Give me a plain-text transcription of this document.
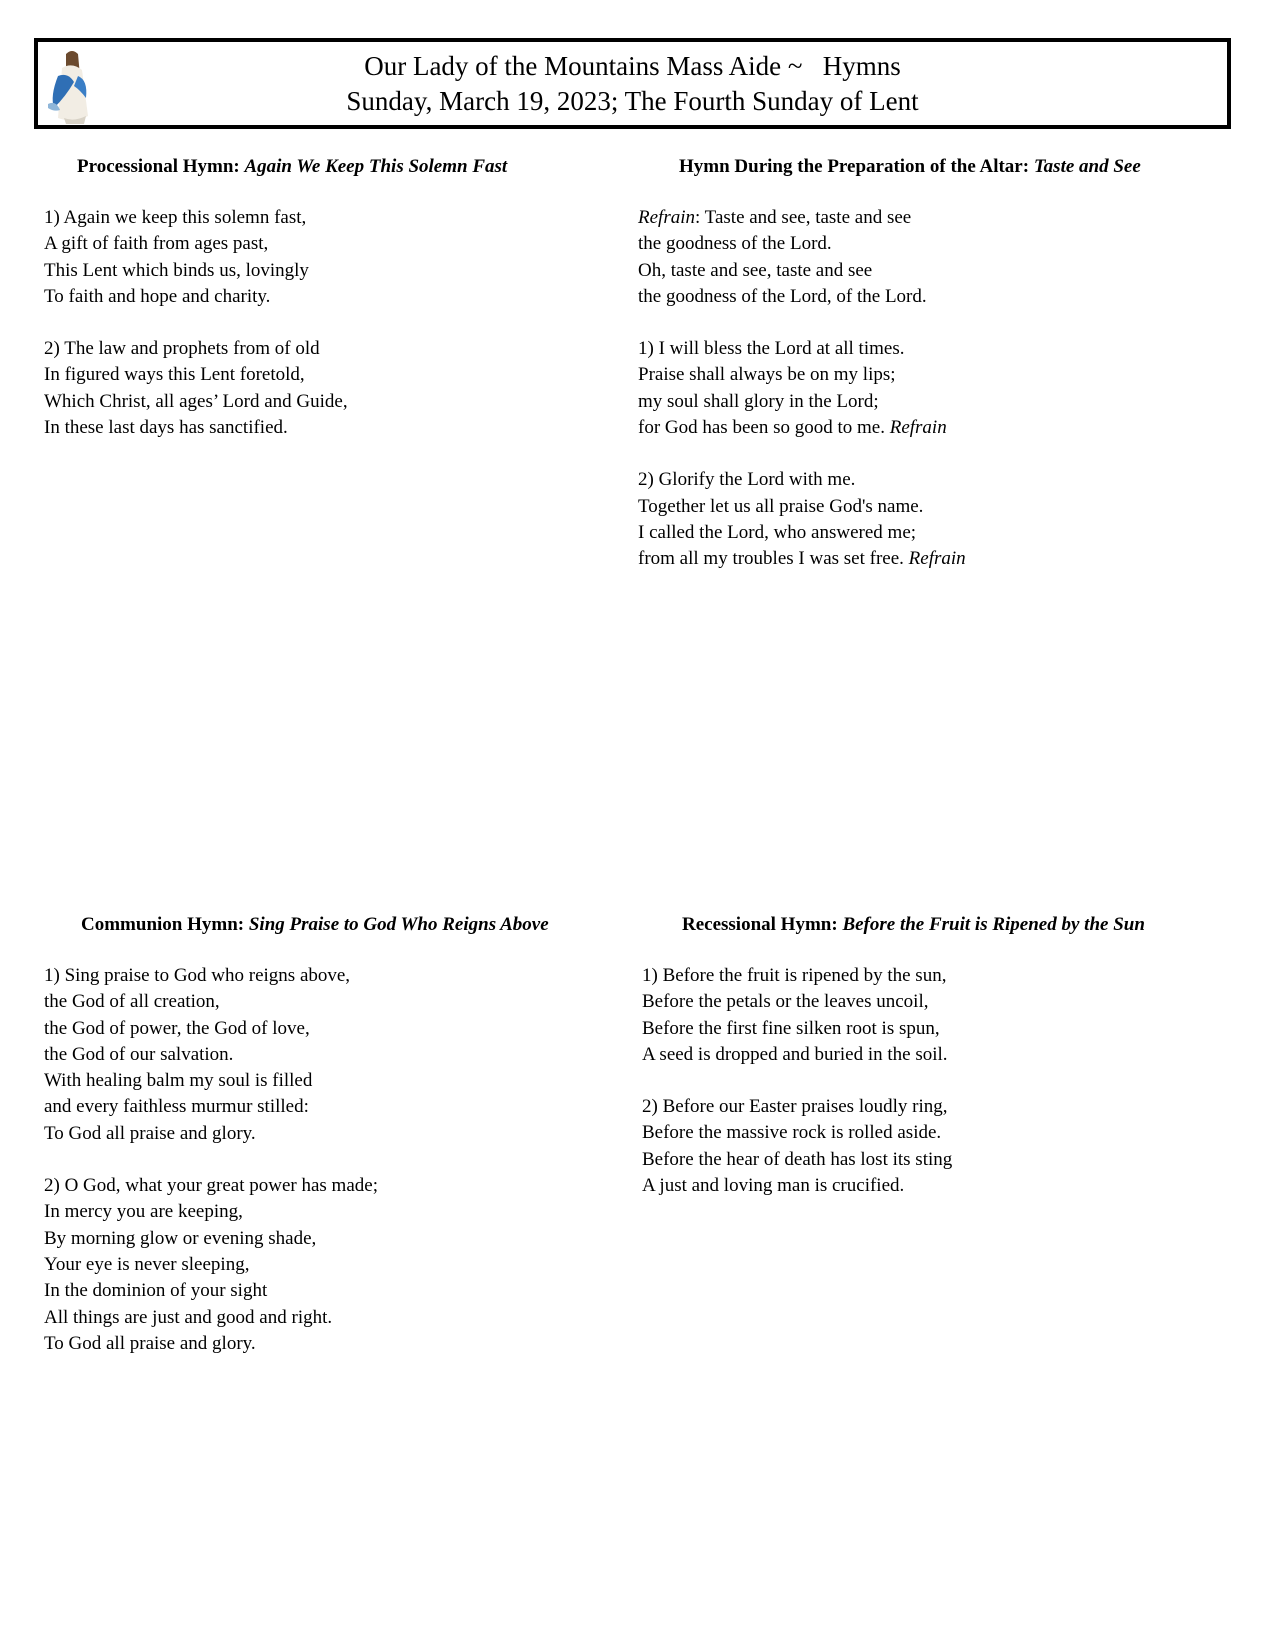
Our Lady of the Mountains Mass Aide ~   Hymns
Sunday, March 19, 2023; The Fourth Sunday of Lent
Processional Hymn: Again We Keep This Solemn Fast
1) Again we keep this solemn fast,
A gift of faith from ages past,
This Lent which binds us, lovingly
To faith and hope and charity.
2) The law and prophets from of old
In figured ways this Lent foretold,
Which Christ, all ages’ Lord and Guide,
In these last days has sanctified.
Hymn During the Preparation of the Altar: Taste and See
Refrain: Taste and see, taste and see
the goodness of the Lord.
Oh, taste and see, taste and see
the goodness of the Lord, of the Lord.
1) I will bless the Lord at all times.
Praise shall always be on my lips;
my soul shall glory in the Lord;
for God has been so good to me. Refrain
2) Glorify the Lord with me.
Together let us all praise God's name.
I called the Lord, who answered me;
from all my troubles I was set free. Refrain
Communion Hymn: Sing Praise to God Who Reigns Above
1) Sing praise to God who reigns above,
the God of all creation,
the God of power, the God of love,
the God of our salvation.
With healing balm my soul is filled
and every faithless murmur stilled:
To God all praise and glory.
2) O God, what your great power has made;
In mercy you are keeping,
By morning glow or evening shade,
Your eye is never sleeping,
In the dominion of your sight
All things are just and good and right.
To God all praise and glory.
Recessional Hymn: Before the Fruit is Ripened by the Sun
1) Before the fruit is ripened by the sun,
Before the petals or the leaves uncoil,
Before the first fine silken root is spun,
A seed is dropped and buried in the soil.
2) Before our Easter praises loudly ring,
Before the massive rock is rolled aside.
Before the hear of death has lost its sting
A just and loving man is crucified.
